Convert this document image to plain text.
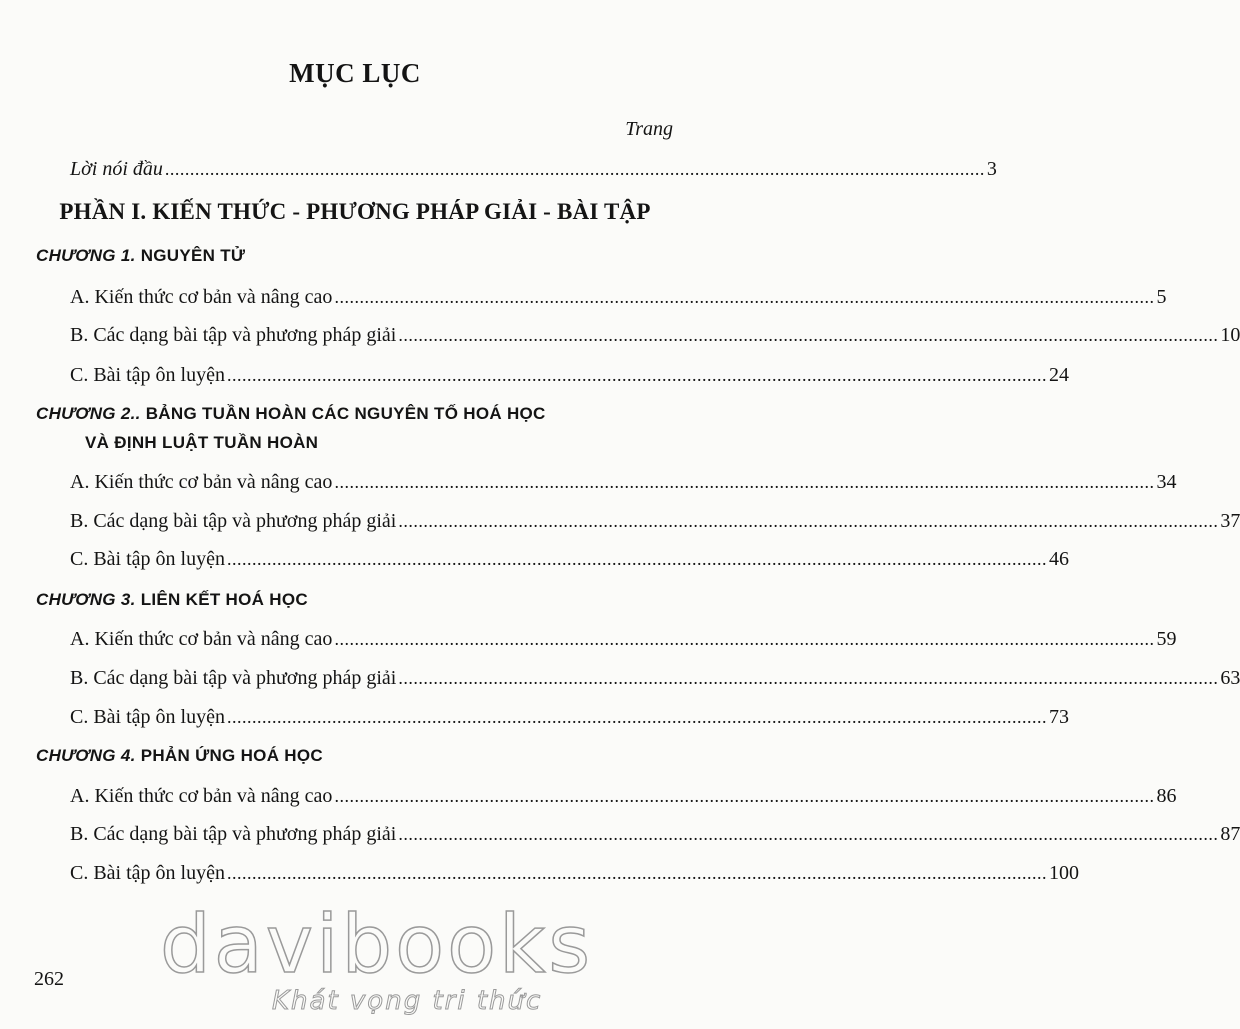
MỤC LỤC
Trang
Lời nói đầu .................................................................................................................................................................... 3
PHẦN I. KIẾN THỨC - PHƯƠNG PHÁP GIẢI - BÀI TẬP
CHƯƠNG 1. NGUYÊN TỬ
A. Kiến thức cơ bản và nâng cao .................................................................................................................................................................... 5
B. Các dạng bài tập và phương pháp giải .................................................................................................................................................................... 10
C. Bài tập ôn luyện .................................................................................................................................................................... 24
CHƯƠNG 2.. BẢNG TUẦN HOÀN CÁC NGUYÊN TỐ HOÁ HỌC
VÀ ĐỊNH LUẬT TUẦN HOÀN
A. Kiến thức cơ bản và nâng cao .................................................................................................................................................................... 34
B. Các dạng bài tập và phương pháp giải .................................................................................................................................................................... 37
C. Bài tập ôn luyện .................................................................................................................................................................... 46
CHƯƠNG 3. LIÊN KẾT HOÁ HỌC
A. Kiến thức cơ bản và nâng cao .................................................................................................................................................................... 59
B. Các dạng bài tập và phương pháp giải .................................................................................................................................................................... 63
C. Bài tập ôn luyện .................................................................................................................................................................... 73
CHƯƠNG 4. PHẢN ỨNG HOÁ HỌC
A. Kiến thức cơ bản và nâng cao .................................................................................................................................................................... 86
B. Các dạng bài tập và phương pháp giải .................................................................................................................................................................... 87
C. Bài tập ôn luyện .................................................................................................................................................................... 100
davibooks
Khát vọng tri thức
262
